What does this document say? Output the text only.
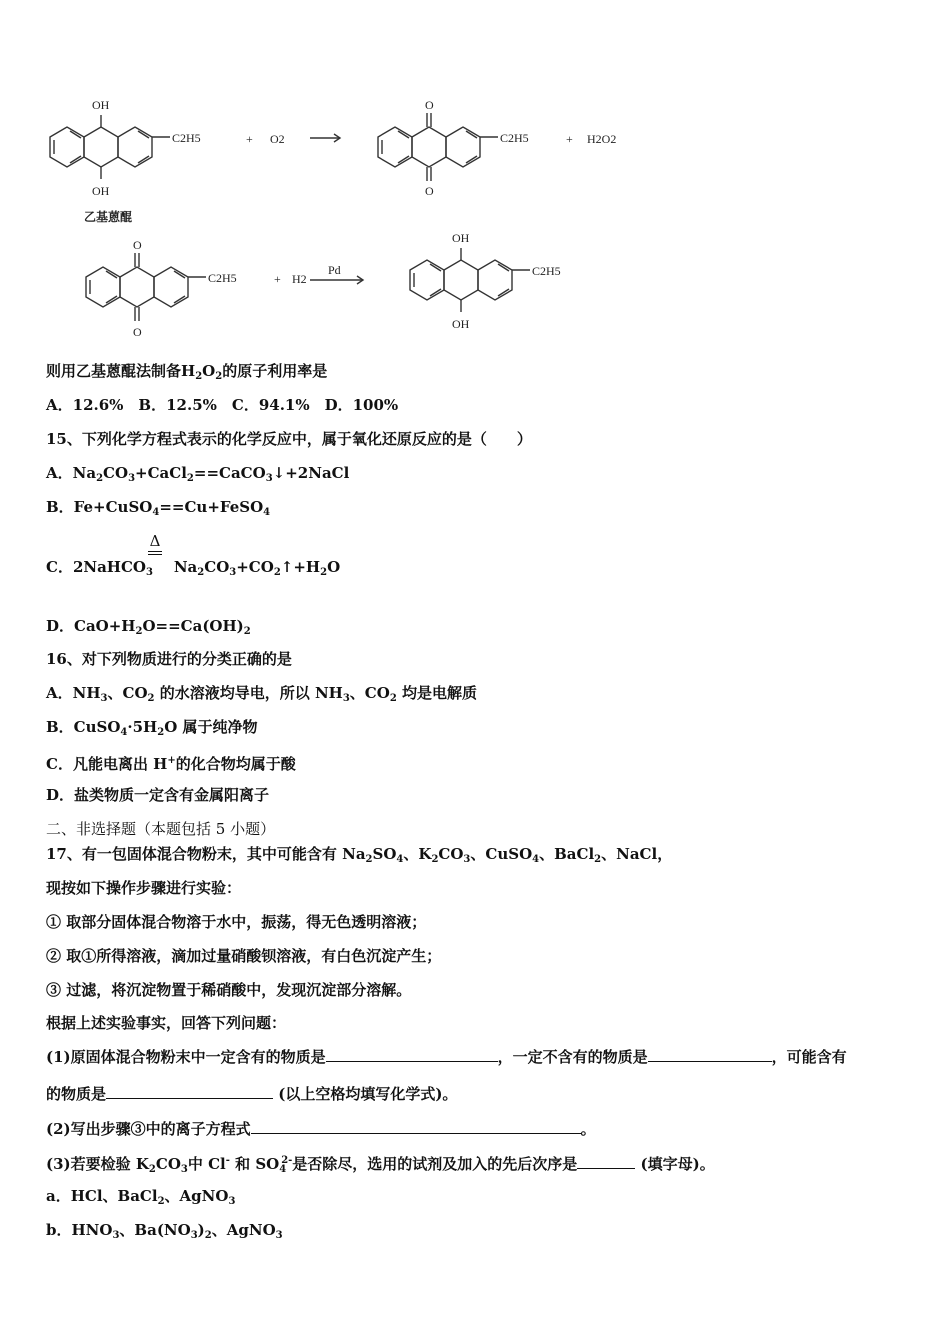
OH
OH
C2H5	+ O2
O
O
C2H5	+ H2O2
乙基蒽醌
O
O
C2H5	+ H2
Pd
OH
OH
C2H5
则用乙基蒽醌法制备$H_2O_2$的原子利用率是
A．12.6%　B．12.5%　C．94.1%　D．100%
15、下列化学方程式表示的化学反应中，属于氧化还原反应的是（　　）
A．$Na_2CO_3+CaCl_2==CaCO_3↓+2NaCl$
B．Fe+CuSO$_4$==Cu+FeSO$_4$
Δ
C．2NaHCO$_3$    $Na_2CO_3+CO_2↑+H_2O$
D．$CaO+H_2O==Ca(OH)_2$
16、对下列物质进行的分类正确的是
A．$NH_3$、$CO_2$ 的水溶液均导电，所以 $NH_3$、$CO_2$ 均是电解质
B．$CuSO_4\cdot 5H_2O$ 属于纯净物
C．凡能电离出 H+的化合物均属于酸
D．盐类物质一定含有金属阳离子
二、非选择题（本题包括 5 小题）
17、有一包固体混合物粉末，其中可能含有 $Na_2SO_4$、$K_2CO_3$、CuSO$_4$、BaCl$_2$、NaCl，
现按如下操作步骤进行实验：
① 取部分固体混合物溶于水中，振荡，得无色透明溶液；
② 取①所得溶液，滴加过量硝酸钡溶液，有白色沉淀产生；
③ 过滤，将沉淀物置于稀硝酸中，发现沉淀部分溶解。
根据上述实验事实，回答下列问题：
(1)原固体混合物粉末中一定含有的物质是	，一定不含有的物质是	，可能含有
的物质是	(以上空格均填写化学式)。
(2)写出步骤③中的离子方程式	。
(3)若要检验 $K_2CO_3$中 Cl- 和 $SO_4^{2-}$是否除尽，选用的试剂及加入的先后次序是	(填字母)。
a．HCl、BaCl$_2$、AgNO$_3$
b．$HNO_3$、$Ba(NO_3)_2$、AgNO$_3$
